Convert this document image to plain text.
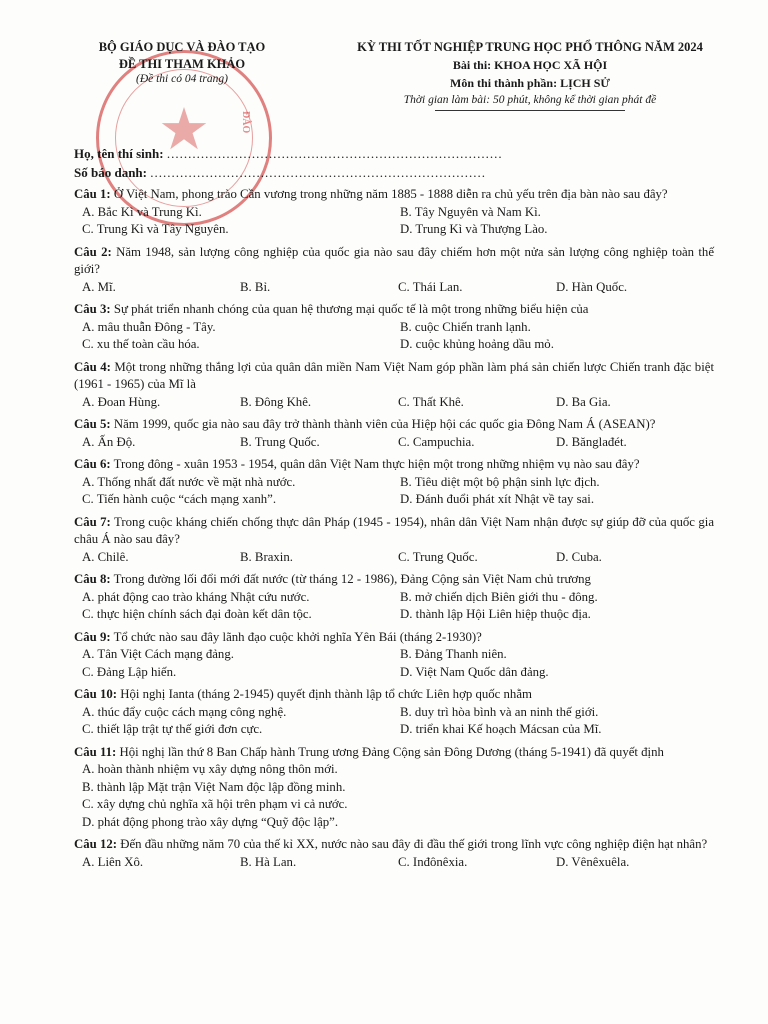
★	ĐÀO
BỘ GIÁO DỤC VÀ ĐÀO TẠO
ĐỀ THI THAM KHẢO
(Đề thi có 04 trang)
KỲ THI TỐT NGHIỆP TRUNG HỌC PHỔ THÔNG NĂM 2024
Bài thi: KHOA HỌC XÃ HỘI
Môn thi thành phần: LỊCH SỬ
Thời gian làm bài: 50 phút, không kể thời gian phát đề
Họ, tên thí sinh: ...............................................................................
Số báo danh: ...............................................................................
Câu 1: Ở Việt Nam, phong trào Cần vương trong những năm 1885 - 1888 diễn ra chủ yếu trên địa bàn nào sau đây?
A. Bắc Kì và Trung Kì.	B. Tây Nguyên và Nam Kì.
C. Trung Kì và Tây Nguyên.	D. Trung Kì và Thượng Lào.
Câu 2: Năm 1948, sản lượng công nghiệp của quốc gia nào sau đây chiếm hơn một nửa sản lượng công nghiệp toàn thế giới?
A. Mĩ.	B. Bỉ.	C. Thái Lan.	D. Hàn Quốc.
Câu 3: Sự phát triển nhanh chóng của quan hệ thương mại quốc tế là một trong những biểu hiện của
A. mâu thuẫn Đông - Tây.	B. cuộc Chiến tranh lạnh.
C. xu thế toàn cầu hóa.	D. cuộc khủng hoảng dầu mỏ.
Câu 4: Một trong những thắng lợi của quân dân miền Nam Việt Nam góp phần làm phá sản chiến lược Chiến tranh đặc biệt (1961 - 1965) của Mĩ là
A. Đoan Hùng.	B. Đông Khê.	C. Thất Khê.	D. Ba Gia.
Câu 5: Năm 1999, quốc gia nào sau đây trở thành thành viên của Hiệp hội các quốc gia Đông Nam Á (ASEAN)?
A. Ấn Độ.	B. Trung Quốc.	C. Campuchia.	D. Bănglađét.
Câu 6: Trong đông - xuân 1953 - 1954, quân dân Việt Nam thực hiện một trong những nhiệm vụ nào sau đây?
A. Thống nhất đất nước về mặt nhà nước.	B. Tiêu diệt một bộ phận sinh lực địch.
C. Tiến hành cuộc “cách mạng xanh”.	D. Đánh đuổi phát xít Nhật về tay sai.
Câu 7: Trong cuộc kháng chiến chống thực dân Pháp (1945 - 1954), nhân dân Việt Nam nhận được sự giúp đỡ của quốc gia châu Á nào sau đây?
A. Chilê.	B. Braxin.	C. Trung Quốc.	D. Cuba.
Câu 8: Trong đường lối đổi mới đất nước (từ tháng 12 - 1986), Đảng Cộng sản Việt Nam chủ trương
A. phát động cao trào kháng Nhật cứu nước.	B. mở chiến dịch Biên giới thu - đông.
C. thực hiện chính sách đại đoàn kết dân tộc.	D. thành lập Hội Liên hiệp thuộc địa.
Câu 9: Tổ chức nào sau đây lãnh đạo cuộc khởi nghĩa Yên Bái (tháng 2-1930)?
A. Tân Việt Cách mạng đảng.	B. Đảng Thanh niên.
C. Đảng Lập hiến.	D. Việt Nam Quốc dân đảng.
Câu 10: Hội nghị Ianta (tháng 2-1945) quyết định thành lập tổ chức Liên hợp quốc nhằm
A. thúc đẩy cuộc cách mạng công nghệ.	B. duy trì hòa bình và an ninh thế giới.
C. thiết lập trật tự thế giới đơn cực.	D. triển khai Kế hoạch Mácsan của Mĩ.
Câu 11: Hội nghị lần thứ 8 Ban Chấp hành Trung ương Đảng Cộng sản Đông Dương (tháng 5-1941) đã quyết định
A. hoàn thành nhiệm vụ xây dựng nông thôn mới.
B. thành lập Mặt trận Việt Nam độc lập đồng minh.
C. xây dựng chủ nghĩa xã hội trên phạm vi cả nước.
D. phát động phong trào xây dựng “Quỹ độc lập”.
Câu 12: Đến đầu những năm 70 của thế kỉ XX, nước nào sau đây đi đầu thế giới trong lĩnh vực công nghiệp điện hạt nhân?
A. Liên Xô.	B. Hà Lan.	C. Inđônêxia.	D. Vênêxuêla.
